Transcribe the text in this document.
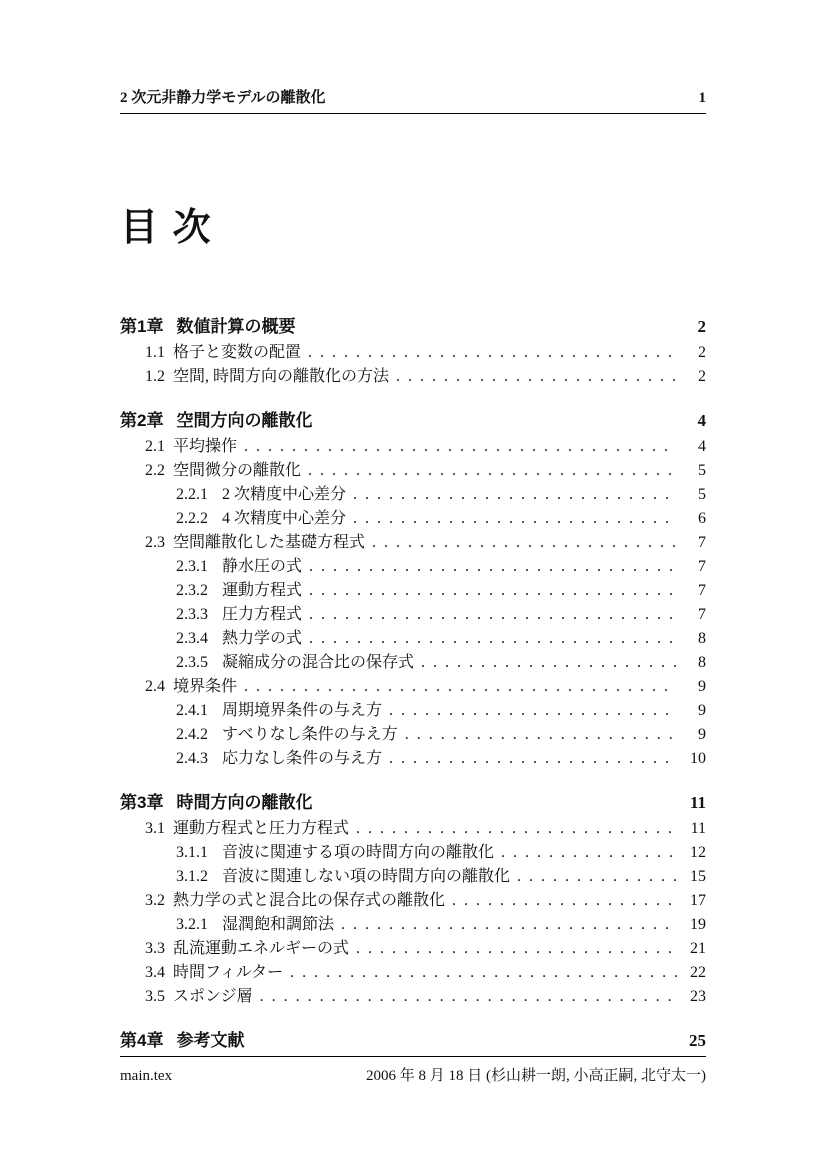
2 次元非静力学モデルの離散化	1
目 次
第1章 数値計算の概要	2
1.1 格子と変数の配置 . . .	2
1.2 空間, 時間方向の離散化の方法 . . .	2
第2章 空間方向の離散化	4
2.1 平均操作 . . .	4
2.2 空間微分の離散化 . . .	5
2.2.1 2 次精度中心差分 . . .	5
2.2.2 4 次精度中心差分 . . .	6
2.3 空間離散化した基礎方程式 . . .	7
2.3.1 静水圧の式 . . .	7
2.3.2 運動方程式 . . .	7
2.3.3 圧力方程式 . . .	7
2.3.4 熱力学の式 . . .	8
2.3.5 凝縮成分の混合比の保存式 . . .	8
2.4 境界条件 . . .	9
2.4.1 周期境界条件の与え方 . . .	9
2.4.2 すべりなし条件の与え方 . . .	9
2.4.3 応力なし条件の与え方 . . .	10
第3章 時間方向の離散化	11
3.1 運動方程式と圧力方程式 . . .	11
3.1.1 音波に関連する項の時間方向の離散化 . . .	12
3.1.2 音波に関連しない項の時間方向の離散化 . . .	15
3.2 熱力学の式と混合比の保存式の離散化 . . .	17
3.2.1 湿潤飽和調節法 . . .	19
3.3 乱流運動エネルギーの式 . . .	21
3.4 時間フィルター . . .	22
3.5 スポンジ層 . . .	23
第4章 参考文献	25
main.tex	2006 年 8 月 18 日 (杉山耕一朗, 小高正嗣, 北守太一)
